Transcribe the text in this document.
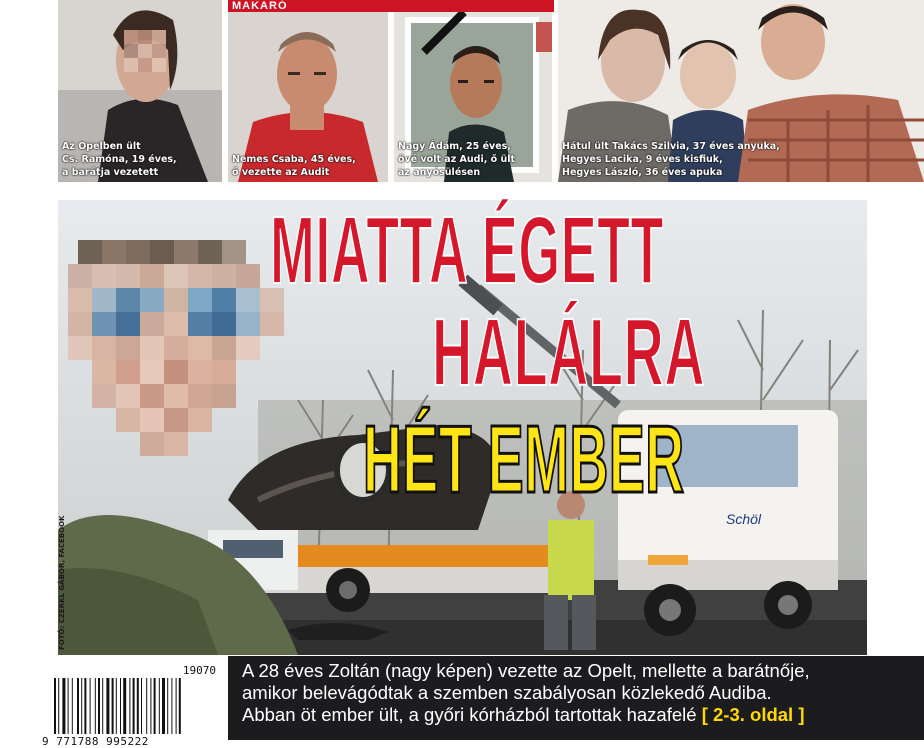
Az Opelben ült
Cs. Ramóna, 19 éves,
a barátja vezetett
MAKARÓ
Nemes Csaba, 45 éves,
ő vezette az Audit
Nagy Ádám, 25 éves,
övé volt az Audi, ő ült
az anyósülésen
Hátul ült Takács Szilvia, 37 éves anyuka,
Hegyes Lacika, 9 éves kisfiuk,
Hegyes László, 36 éves apuka
Schöl
FOTÓ: CZERKL GÁBOR, FACEBOOK
MIATTA ÉGETT
HALÁLRA
HÉT EMBER
A 28 éves Zoltán (nagy képen) vezette az Opelt, mellette a barátnője,
amikor belevágódtak a szemben szabályosan közlekedő Audiba.
Abban öt ember ült, a győri kórházból tartottak hazafelé [ 2-3. oldal ]
19070
9 771788 995222
